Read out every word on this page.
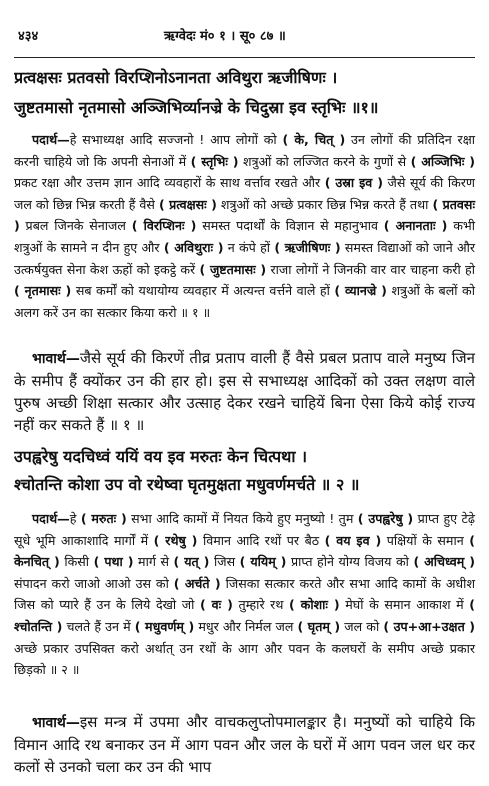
४३४	ऋग्वेदः मं० १ । सू० ८७ ॥
प्रत्वक्षसः प्रतवसो विरप्शिनोऽनानता अविथुरा ऋजीषिणः ।
जुष्टतमासो नृतमासो अञ्जिभिर्व्यानज्रे के चिदुस्रा इव स्तृभिः ॥१॥
पदार्थ—हे सभाध्यक्ष आदि सज्जनो ! आप लोगों को ( के, चित् ) उन लोगों की प्रतिदिन रक्षा करनी चाहिये जो कि अपनी सेनाओं में ( स्तृभिः ) शत्रुओं को लज्जित करने के गुणों से ( अञ्जिभिः ) प्रकट रक्षा और उत्तम ज्ञान आदि व्यवहारों के साथ वर्त्ताव रखते और ( उस्रा इव ) जैसे सूर्य की किरण जल को छिन्न भिन्न करती हैं वैसे ( प्रत्वक्षसः ) शत्रुओं को अच्छे प्रकार छिन्न भिन्न करते हैं तथा ( प्रतवसः ) प्रबल जिनके सेनाजल ( विरप्शिनः ) समस्त पदार्थों के विज्ञान से महानुभाव ( अनानताः ) कभी शत्रुओं के सामने न दीन हुए और ( अविथुराः ) न कंपे हों ( ऋजीषिणः ) समस्त विद्याओं को जाने और उत्कर्षयुक्त सेना केश ऊहों को इकट्ठे करें ( जुष्टतमासः ) राजा लोगों ने जिनकी वार वार चाहना करी हो ( नृतमासः ) सब कर्मों को यथायोग्य व्यवहार में अत्यन्त वर्त्तने वाले हों ( व्यानज्रे ) शत्रुओं के बलों को अलग करें उन का सत्कार किया करो ॥ १ ॥
भावार्थ—जैसे सूर्य की किरणें तीव्र प्रताप वाली हैं वैसे प्रबल प्रताप वाले मनुष्य जिन के समीप हैं क्योंकर उन की हार हो। इस से सभाध्यक्ष आदिकों को उक्त लक्षण वाले पुरुष अच्छी शिक्षा सत्कार और उत्साह देकर रखने चाहियें बिना ऐसा किये कोई राज्य नहीं कर सकते हैं ॥ १ ॥
उपह्वरेषु यदचिध्वं ययिं वय इव मरुतः केन चित्पथा ।
श्चोतन्ति कोशा उप वो रथेष्वा घृतमुक्षता मधुवर्णमर्चते ॥ २ ॥
पदार्थ—हे ( मरुतः ) सभा आदि कामों में नियत किये हुए मनुष्यो ! तुम ( उपह्वरेषु ) प्राप्त हुए टेढ़े सूधे भूमि आकाशादि मार्गों में ( रथेषु ) विमान आदि रथों पर बैठ ( वय इव ) पक्षियों के समान ( केनचित् ) किसी ( पथा ) मार्ग से ( यत् ) जिस ( ययिम् ) प्राप्त होने योग्य विजय को ( अचिध्वम् ) संपादन करो जाओ आओ उस को ( अर्चते ) जिसका सत्कार करते और सभा आदि कामों के अधीश जिस को प्यारे हैं उन के लिये देखो जो ( वः ) तुम्हारे रथ ( कोशाः ) मेघों के समान आकाश में ( श्चोतन्ति ) चलते हैं उन में ( मधुवर्णम् ) मधुर और निर्मल जल ( घृतम् ) जल को ( उप+आ+उक्षत ) अच्छे प्रकार उपसिक्त करो अर्थात् उन रथों के आग और पवन के कलघरों के समीप अच्छे प्रकार छिड़को ॥ २ ॥
भावार्थ—इस मन्त्र में उपमा और वाचकलुप्तोपमालङ्कार है। मनुष्यों को चाहिये कि विमान आदि रथ बनाकर उन में आग पवन और जल के घरों में आग पवन जल धर कर कलों से उनको चला कर उन की भाप
